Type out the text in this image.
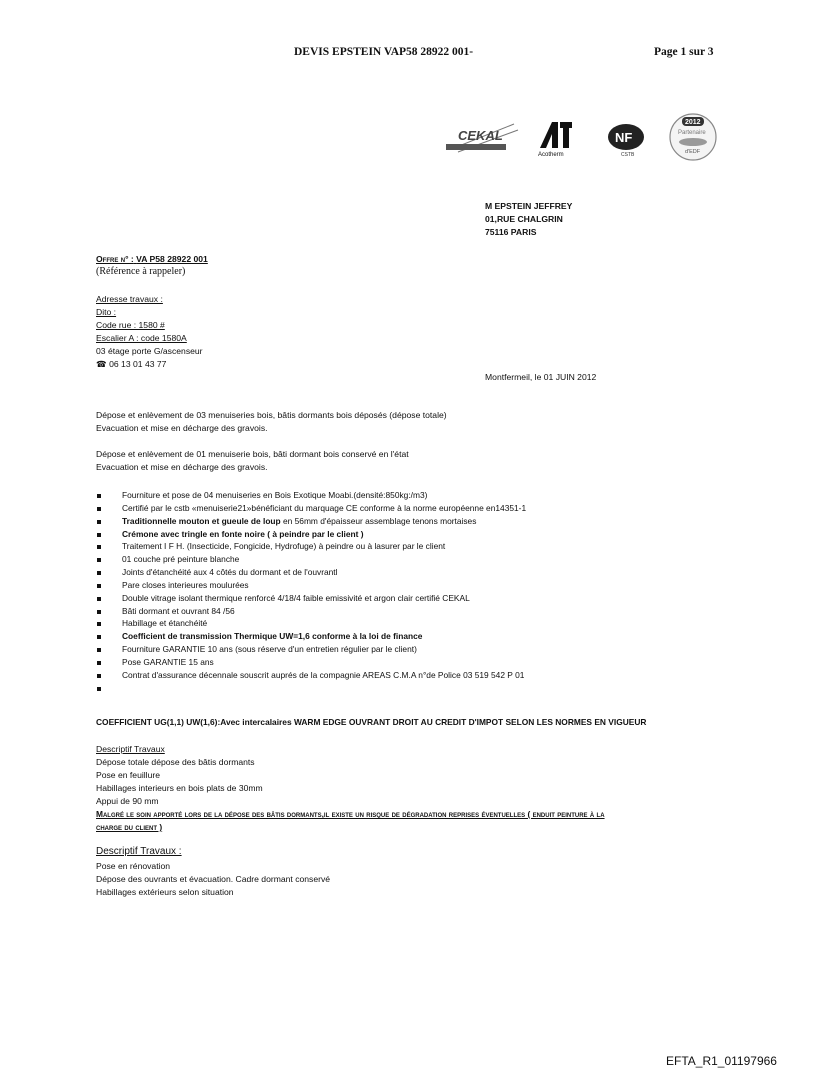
DEVIS EPSTEIN VAP58 28922 001-	Page 1 sur 3
CEKAL
Acotherm
NF
CSTB
2012
Partenaire
d'EDF
M EPSTEIN JEFFREY
01,RUE CHALGRIN
75116 PARIS
Offre n° : VA P58 28922 001
(Référence à rappeler)
Adresse travaux :
Dito :
Code rue : 1580 #
Escalier A : code 1580A
03 étage porte G/ascenseur
☎ 06 13 01 43 77
Montfermeil, le 01 JUIN 2012
Dépose et enlèvement de 03 menuiseries bois, bâtis dormants bois déposés (dépose totale)
Evacuation et mise en décharge des gravois.
Dépose et enlèvement de 01 menuiserie bois, bâti dormant bois conservé en l'état
Evacuation et mise en décharge des gravois.
Fourniture et pose de 04 menuiseries en Bois Exotique Moabi.(densité:850kg:/m3)
Certifié par le cstb «menuiserie21»bénéficiant du marquage CE conforme à la norme européenne en14351-1
Traditionnelle mouton et gueule de loup en 56mm d'épaisseur assemblage tenons mortaises
Crémone avec tringle en fonte noire ( à peindre par le client )
Traitement I F H. (Insecticide, Fongicide, Hydrofuge) à peindre ou à lasurer par le client
01 couche pré peinture blanche
Joints d'étanchéité aux 4 côtés du dormant et de l'ouvrantl
Pare closes interieures moulurées
Double vitrage isolant thermique renforcé 4/18/4 faible emissivité et argon clair certifié CEKAL
Bâti dormant et ouvrant 84 /56
Habillage et étanchéité
Coefficient de transmission Thermique UW=1,6 conforme à la loi de finance
Fourniture GARANTIE 10 ans (sous réserve d'un entretien régulier par le client)
Pose GARANTIE 15 ans
Contrat d'assurance décennale souscrit auprés de la compagnie AREAS C.M.A n°de Police 03 519 542 P 01
COEFFICIENT UG(1,1) UW(1,6):Avec intercalaires WARM EDGE OUVRANT DROIT AU CREDIT D'IMPOT SELON LES NORMES EN VIGUEUR
Descriptif Travaux
Dépose totale dépose des bâtis dormants
Pose en feuillure
Habillages interieurs en bois plats de 30mm
Appui de 90 mm
Malgré le soin apporté lors de la dépose des bâtis dormants,il existe un risque de dégradation reprises éventuelles ( enduit peinture à la
charge du client )
Descriptif Travaux :
Pose en rénovation
Dépose des ouvrants et évacuation. Cadre dormant conservé
Habillages extérieurs selon situation
EFTA_R1_01197966
